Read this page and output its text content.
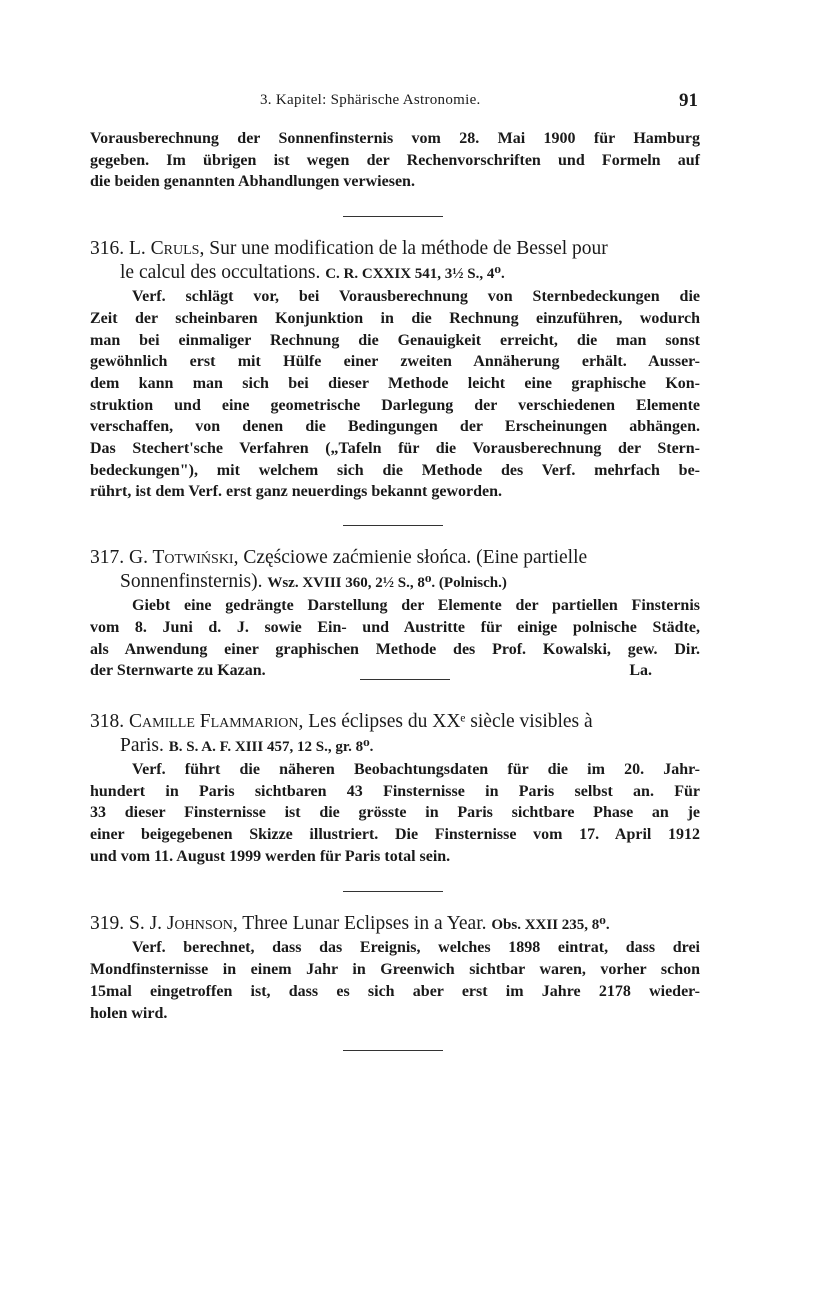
3. Kapitel: Sphärische Astronomie.	91
Vorausberechnung der Sonnenfinsternis vom 28. Mai 1900 für Hamburg
gegeben. Im übrigen ist wegen der Rechenvorschriften und Formeln auf
die beiden genannten Abhandlungen verwiesen.
316. L. Cruls, Sur une modification de la méthode de Bessel pour
le calcul des occultations. C. R. CXXIX 541, 3½ S., 4⁰.
Verf. schlägt vor, bei Vorausberechnung von Sternbedeckungen die
Zeit der scheinbaren Konjunktion in die Rechnung einzuführen, wodurch
man bei einmaliger Rechnung die Genauigkeit erreicht, die man sonst
gewöhnlich erst mit Hülfe einer zweiten Annäherung erhält. Ausser-
dem kann man sich bei dieser Methode leicht eine graphische Kon-
struktion und eine geometrische Darlegung der verschiedenen Elemente
verschaffen, von denen die Bedingungen der Erscheinungen abhängen.
Das Stechert'sche Verfahren („Tafeln für die Vorausberechnung der Stern-
bedeckungen"), mit welchem sich die Methode des Verf. mehrfach be-
rührt, ist dem Verf. erst ganz neuerdings bekannt geworden.
317. G. Totwiński, Częściowe zaćmienie słońca. (Eine partielle
Sonnenfinsternis). Wsz. XVIII 360, 2½ S., 8⁰. (Polnisch.)
Giebt eine gedrängte Darstellung der Elemente der partiellen Finsternis
vom 8. Juni d. J. sowie Ein- und Austritte für einige polnische Städte,
als Anwendung einer graphischen Methode des Prof. Kowalski, gew. Dir.
der Sternwarte zu Kazan.	La.
318. Camille Flammarion, Les éclipses du XXᵉ siècle visibles à
Paris. B. S. A. F. XIII 457, 12 S., gr. 8⁰.
Verf. führt die näheren Beobachtungsdaten für die im 20. Jahr-
hundert in Paris sichtbaren 43 Finsternisse in Paris selbst an. Für
33 dieser Finsternisse ist die grösste in Paris sichtbare Phase an je
einer beigegebenen Skizze illustriert. Die Finsternisse vom 17. April 1912
und vom 11. August 1999 werden für Paris total sein.
319. S. J. Johnson, Three Lunar Eclipses in a Year. Obs. XXII 235, 8⁰.
Verf. berechnet, dass das Ereignis, welches 1898 eintrat, dass drei
Mondfinsternisse in einem Jahr in Greenwich sichtbar waren, vorher schon
15mal eingetroffen ist, dass es sich aber erst im Jahre 2178 wieder-
holen wird.
